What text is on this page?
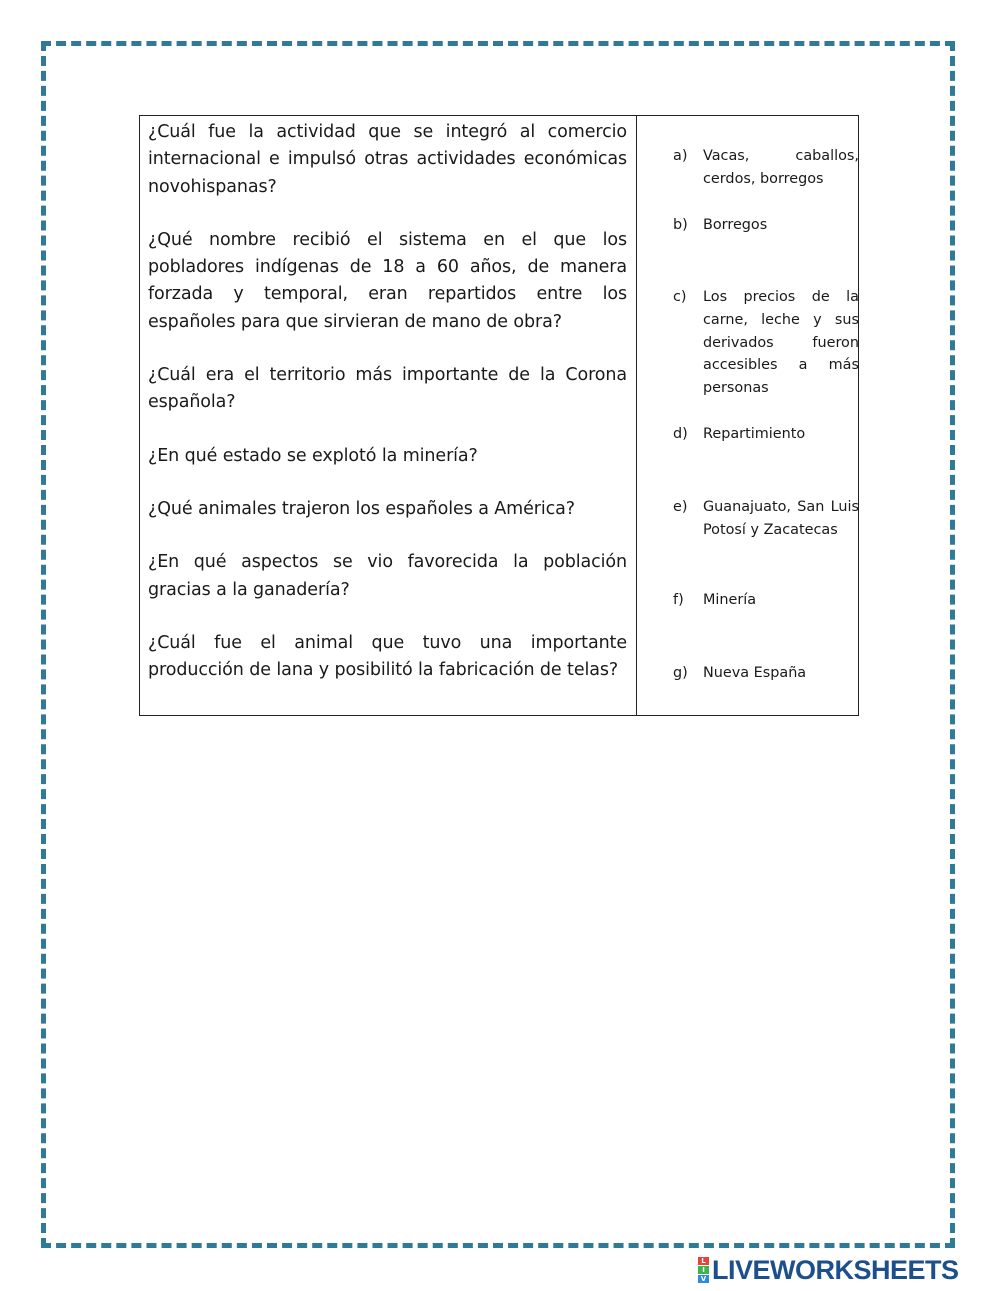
¿Cuál fue la actividad que se integró al comercio internacional e impulsó otras actividades económicas novohispanas?

¿Qué nombre recibió el sistema en el que los pobladores indígenas de 18 a 60 años, de manera forzada y temporal, eran repartidos entre los españoles para que sirvieran de mano de obra?

¿Cuál era el territorio más importante de la Corona española?

¿En qué estado se explotó la minería?

¿Qué animales trajeron los españoles a América?

¿En qué aspectos se vio favorecida la población gracias a la ganadería?

¿Cuál fue el animal que tuvo una importante producción de lana y posibilitó la fabricación de telas?

a)	Vacas, caballos, cerdos, borregos
b)	Borregos
c)	Los precios de la carne, leche y sus derivados fueron accesibles a más personas
d)	Repartimiento
e)	Guanajuato, San Luis Potosí y Zacatecas
f)	Minería
g)	Nueva España
L
I
V LIVEWORKSHEETS
